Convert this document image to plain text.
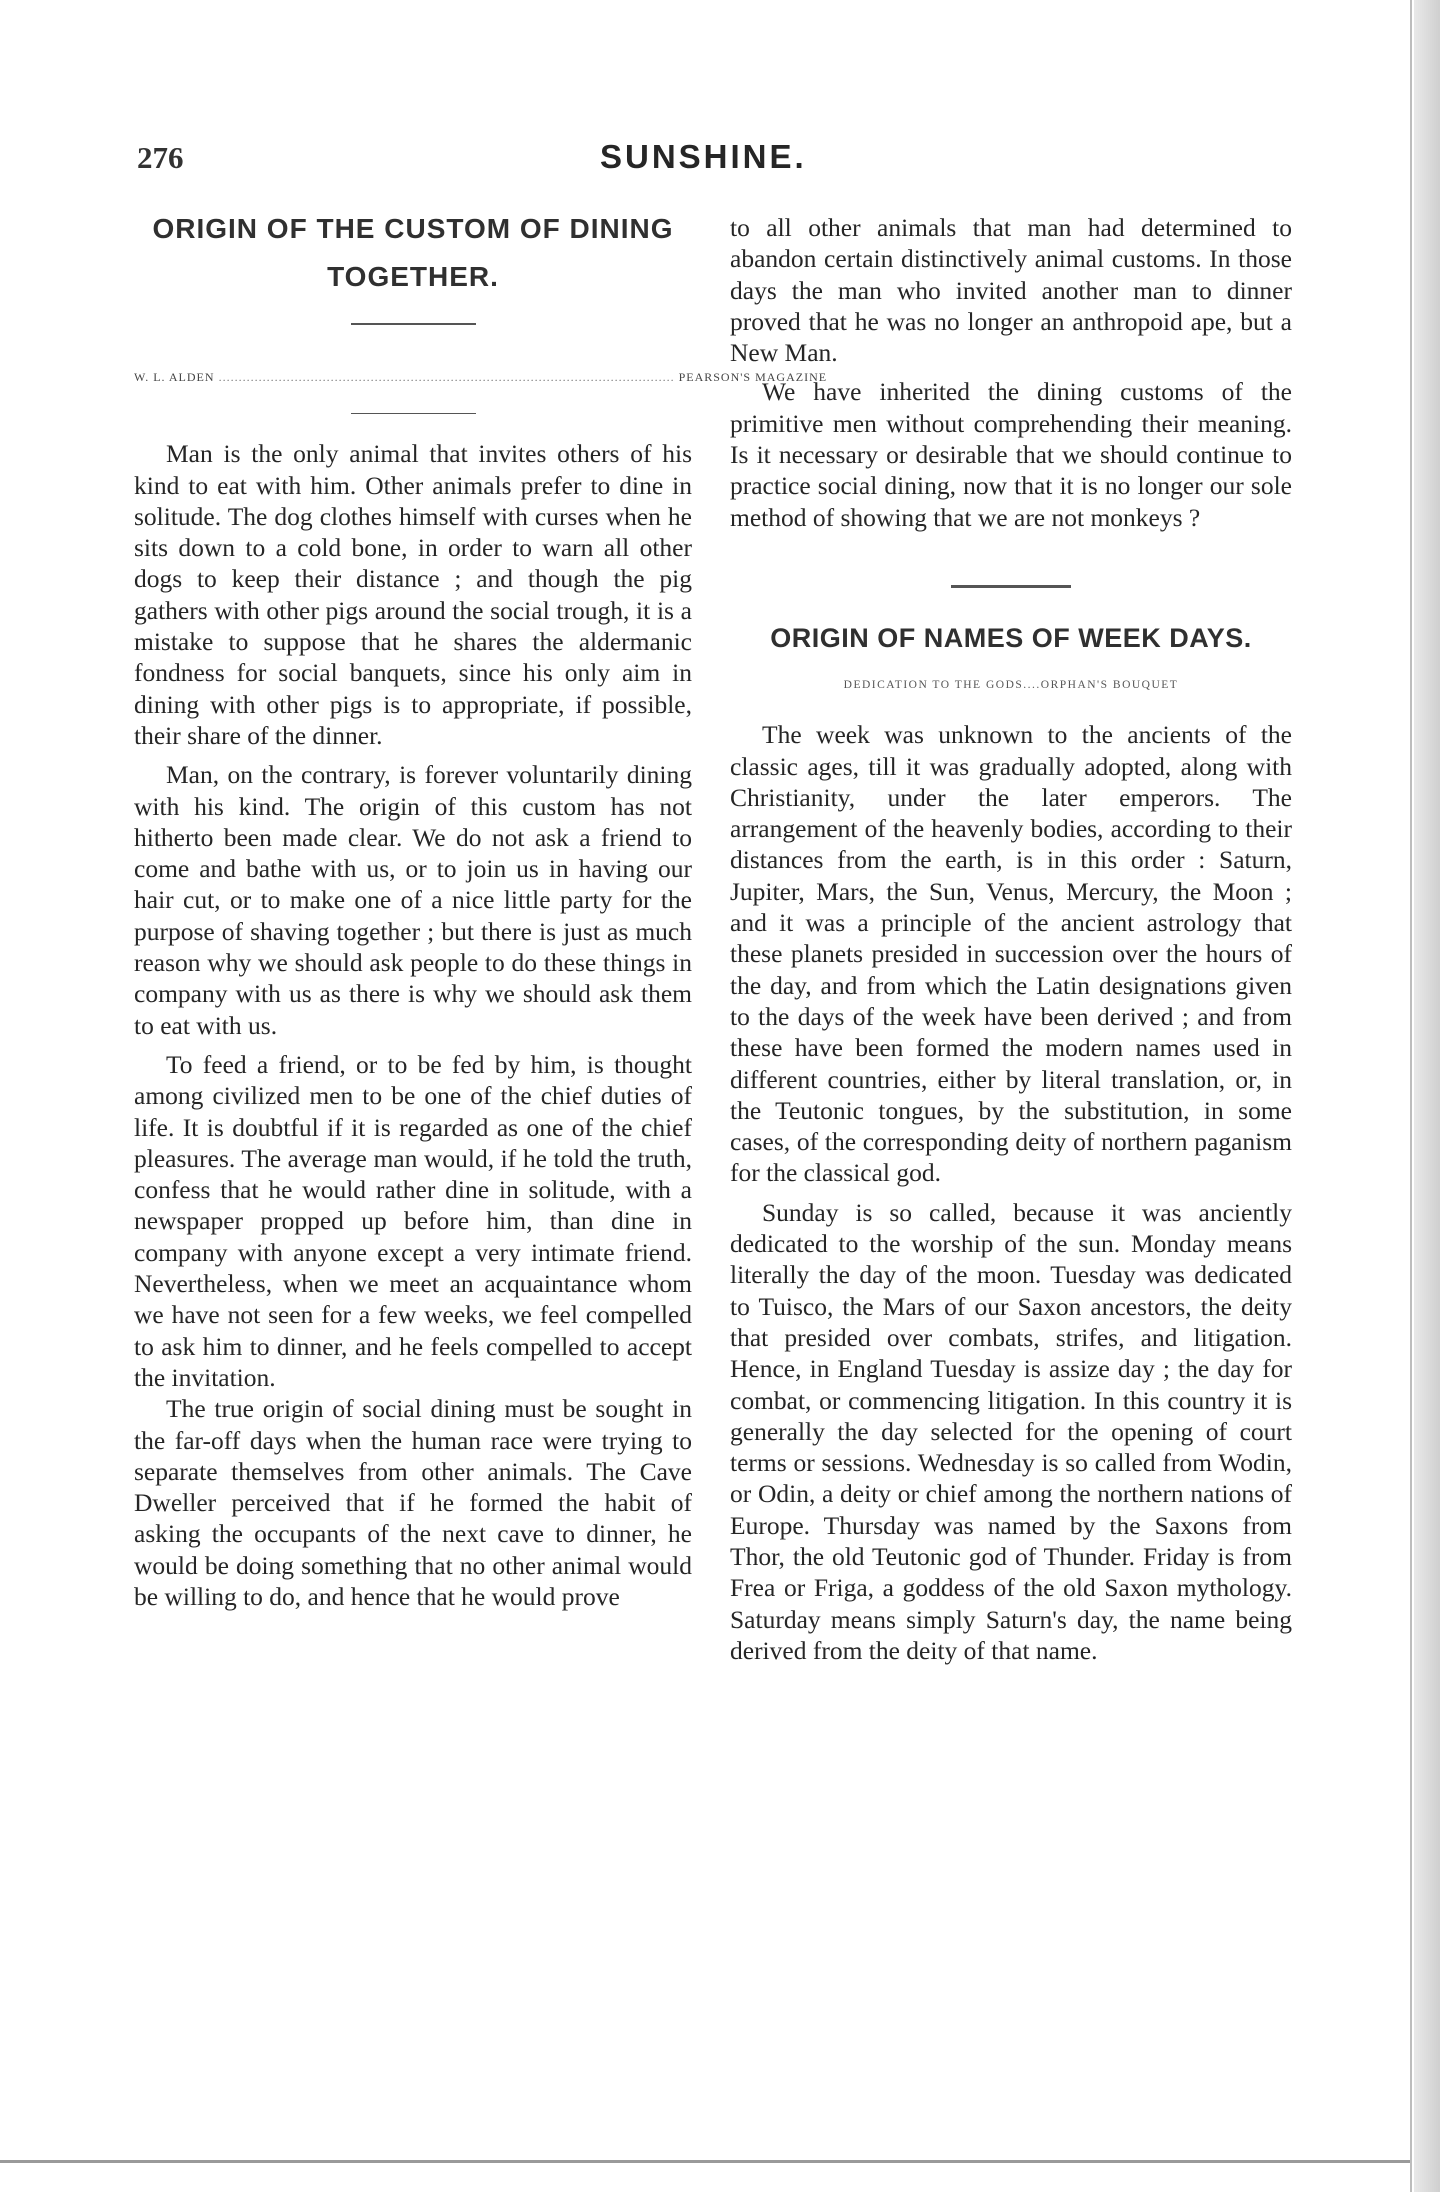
276	SUNSHINE.
ORIGIN OF THE CUSTOM OF DINING TOGETHER.
W. L. ALDEN .................................................................................................................. PEARSON'S MAGAZINE

Man is the only animal that invites others of his kind to eat with him. Other animals prefer to dine in solitude. The dog clothes himself with curses when he sits down to a cold bone, in order to warn all other dogs to keep their distance ; and though the pig gathers with other pigs around the social trough, it is a mistake to suppose that he shares the aldermanic fondness for social banquets, since his only aim in dining with other pigs is to appropriate, if possible, their share of the dinner.

Man, on the contrary, is forever voluntarily dining with his kind. The origin of this custom has not hitherto been made clear. We do not ask a friend to come and bathe with us, or to join us in having our hair cut, or to make one of a nice little party for the purpose of shaving together ; but there is just as much reason why we should ask people to do these things in company with us as there is why we should ask them to eat with us.

To feed a friend, or to be fed by him, is thought among civilized men to be one of the chief duties of life. It is doubtful if it is regarded as one of the chief pleasures. The average man would, if he told the truth, confess that he would rather dine in solitude, with a newspaper propped up before him, than dine in company with anyone except a very intimate friend. Nevertheless, when we meet an acquaintance whom we have not seen for a few weeks, we feel compelled to ask him to dinner, and he feels compelled to accept the invitation.

The true origin of social dining must be sought in the far-off days when the human race were trying to separate themselves from other animals. The Cave Dweller perceived that if he formed the habit of asking the occupants of the next cave to dinner, he would be doing something that no other animal would be willing to do, and hence that he would prove

to all other animals that man had determined to abandon certain distinctively animal customs. In those days the man who invited another man to dinner proved that he was no longer an anthropoid ape, but a New Man.

We have inherited the dining customs of the primitive men without comprehending their meaning. Is it necessary or desirable that we should continue to practice social dining, now that it is no longer our sole method of showing that we are not monkeys ?

ORIGIN OF NAMES OF WEEK DAYS.
DEDICATION TO THE GODS....ORPHAN'S BOUQUET

The week was unknown to the ancients of the classic ages, till it was gradually adopted, along with Christianity, under the later emperors. The arrangement of the heavenly bodies, according to their distances from the earth, is in this order : Saturn, Jupiter, Mars, the Sun, Venus, Mercury, the Moon ; and it was a principle of the ancient astrology that these planets presided in succession over the hours of the day, and from which the Latin designations given to the days of the week have been derived ; and from these have been formed the modern names used in different countries, either by literal translation, or, in the Teutonic tongues, by the substitution, in some cases, of the corresponding deity of northern paganism for the classical god.

Sunday is so called, because it was anciently dedicated to the worship of the sun. Monday means literally the day of the moon. Tuesday was dedicated to Tuisco, the Mars of our Saxon ancestors, the deity that presided over combats, strifes, and litigation. Hence, in England Tuesday is assize day ; the day for combat, or commencing litigation. In this country it is generally the day selected for the opening of court terms or sessions. Wednesday is so called from Wodin, or Odin, a deity or chief among the northern nations of Europe. Thursday was named by the Saxons from Thor, the old Teutonic god of Thunder. Friday is from Frea or Friga, a goddess of the old Saxon mythology. Saturday means simply Saturn's day, the name being derived from the deity of that name.
